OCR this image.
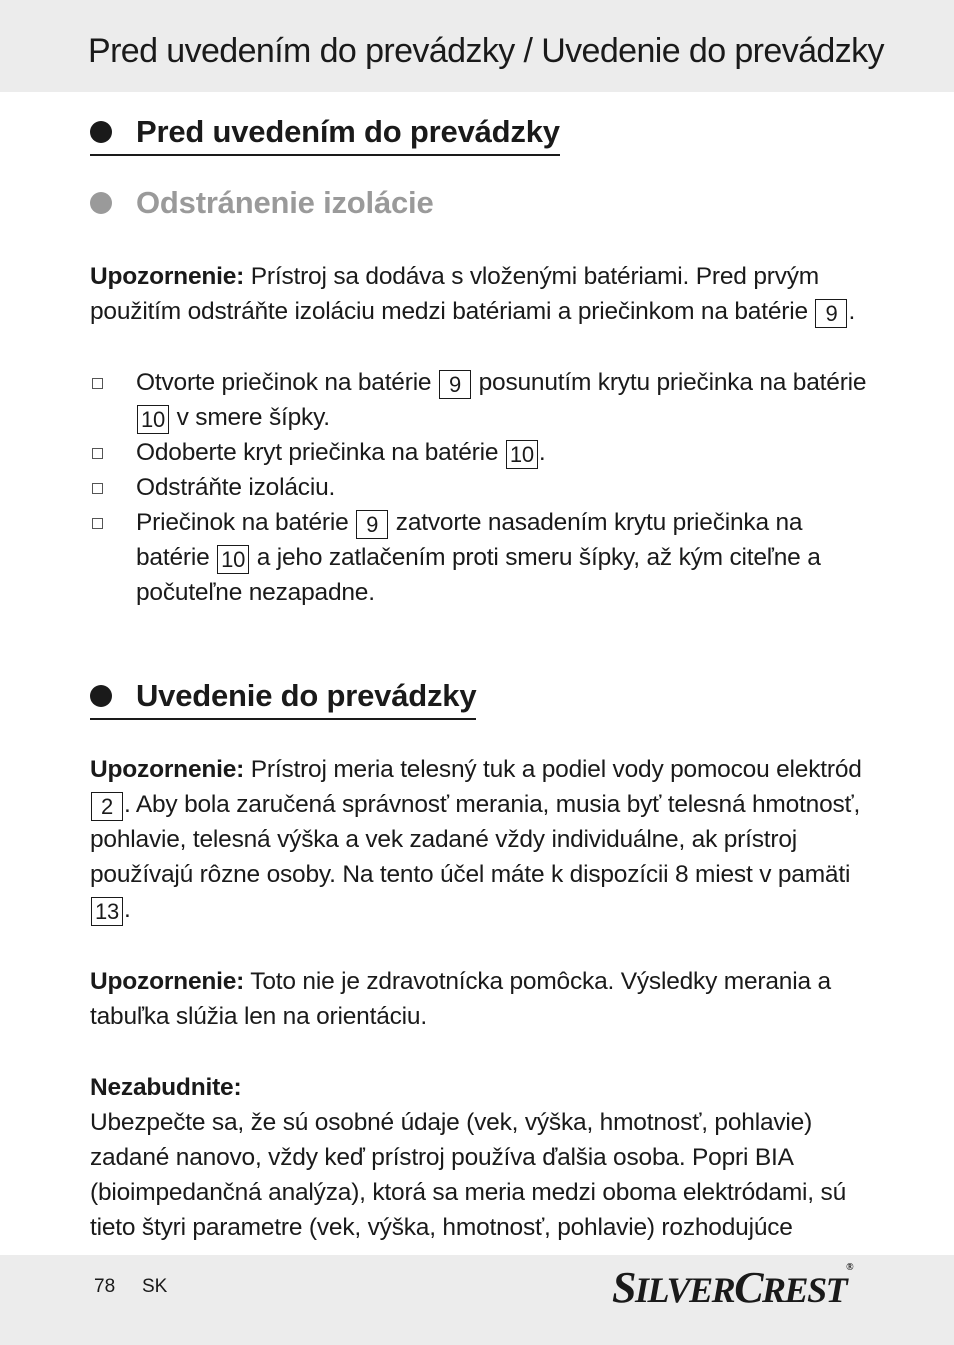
Pred uvedením do prevádzky / Uvedenie do prevádzky
Pred uvedením do prevádzky
Odstránenie izolácie

Upozornenie: Prístroj sa dodáva s vloženými batériami. Pred prvým použitím odstráňte izoláciu medzi batériami a priečinkom na batérie 9 .

Otvorte priečinok na batérie 9 posunutím krytu priečinka na batérie 10 v smere šípky.
Odoberte kryt priečinka na batérie 10 .
Odstráňte izoláciu.
Priečinok na batérie 9 zatvorte nasadením krytu priečinka na batérie 10 a jeho zatlačením proti smeru šípky, až kým citeľne a počuteľne nezapadne.
Uvedenie do prevádzky

Upozornenie: Prístroj meria telesný tuk a podiel vody pomocou elektród 2 . Aby bola zaručená správnosť merania, musia byť telesná hmotnosť, pohlavie, telesná výška a vek zadané vždy individuálne, ak prístroj používajú rôzne osoby. Na tento účel máte k dispozícii 8 miest v pamäti 13 .

Upozornenie: Toto nie je zdravotnícka pomôcka. Výsledky merania a tabuľka slúžia len na orientáciu.

Nezabudnite:
Ubezpečte sa, že sú osobné údaje (vek, výška, hmotnosť, pohlavie) zadané nanovo, vždy keď prístroj používa ďalšia osoba. Popri BIA (bioimpedančná analýza), ktorá sa meria medzi oboma elektródami, sú tieto štyri parametre (vek, výška, hmotnosť, pohlavie) rozhodujúce

78 SK	SILVERCREST®
